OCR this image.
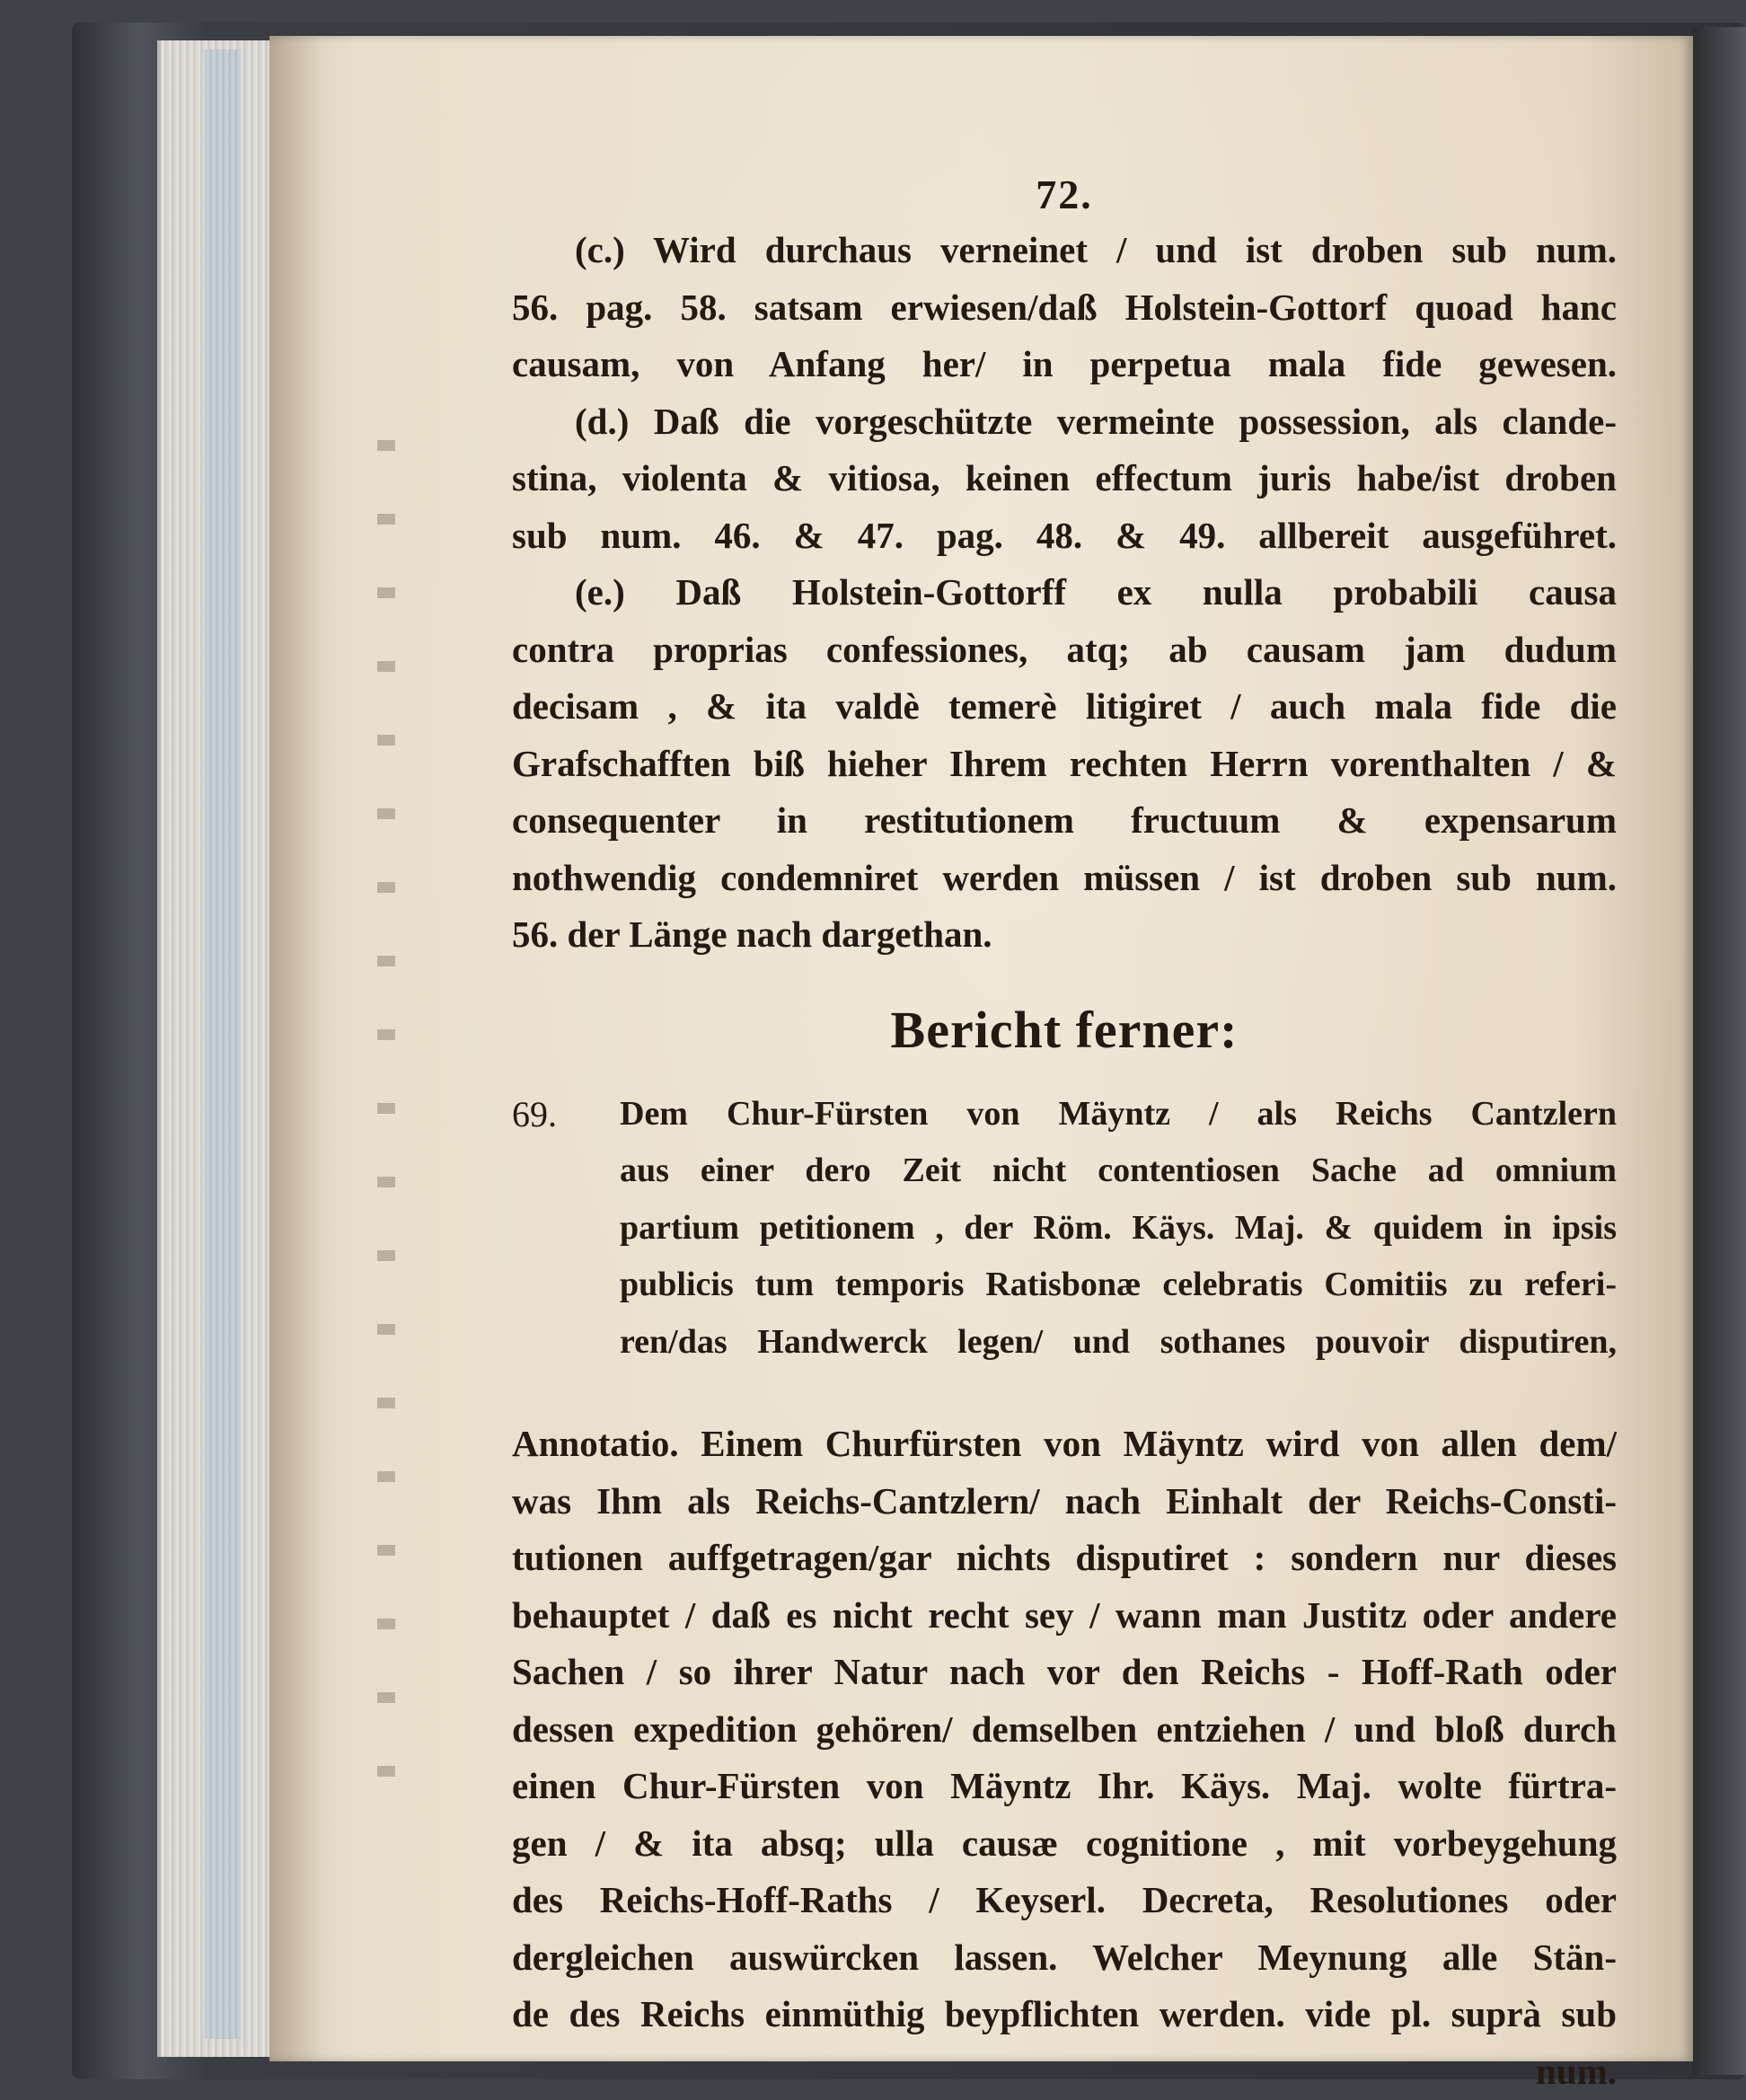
72.
(c.) Wird durchaus verneinet / und ist droben sub num.
56. pag. 58. satsam erwiesen/daß Holstein-Gottorf quoad hanc
causam, von Anfang her/ in perpetua mala fide gewesen.
(d.) Daß die vorgeschützte vermeinte possession, als clande-
stina, violenta & vitiosa, keinen effectum juris habe/ist droben
sub num. 46. & 47. pag. 48. & 49. allbereit ausgeführet.
(e.) Daß Holstein-Gottorff ex nulla probabili causa
contra proprias confessiones, atq; ab causam jam dudum
decisam , & ita valdè temerè litigiret / auch mala fide die
Grafschafften biß hieher Ihrem rechten Herrn vorenthalten / &
consequenter in restitutionem fructuum & expensarum
nothwendig condemniret werden müssen / ist droben sub num.
56. der Länge nach dargethan.
Bericht ferner:
69. Dem Chur-Fürsten von Mäyntz / als Reichs Cantzlern
aus einer dero Zeit nicht contentiosen Sache ad omnium
partium petitionem , der Röm. Käys. Maj. & quidem in ipsis
publicis tum temporis Ratisbonæ celebratis Comitiis zu referi-
ren/das Handwerck legen/ und sothanes pouvoir disputiren,
Annotatio. Einem Churfürsten von Mäyntz wird von allen dem/
was Ihm als Reichs-Cantzlern/ nach Einhalt der Reichs-Consti-
tutionen auffgetragen/gar nichts disputiret : sondern nur dieses
behauptet / daß es nicht recht sey / wann man Justitz oder andere
Sachen / so ihrer Natur nach vor den Reichs - Hoff-Rath oder
dessen expedition gehören/ demselben entziehen / und bloß durch
einen Chur-Fürsten von Mäyntz Ihr. Käys. Maj. wolte fürtra-
gen / & ita absq; ulla causæ cognitione , mit vorbeygehung
des Reichs-Hoff-Raths / Keyserl. Decreta, Resolutiones oder
dergleichen auswürcken lassen. Welcher Meynung alle Stän-
de des Reichs einmüthig beypflichten werden. vide pl. suprà sub
num.
